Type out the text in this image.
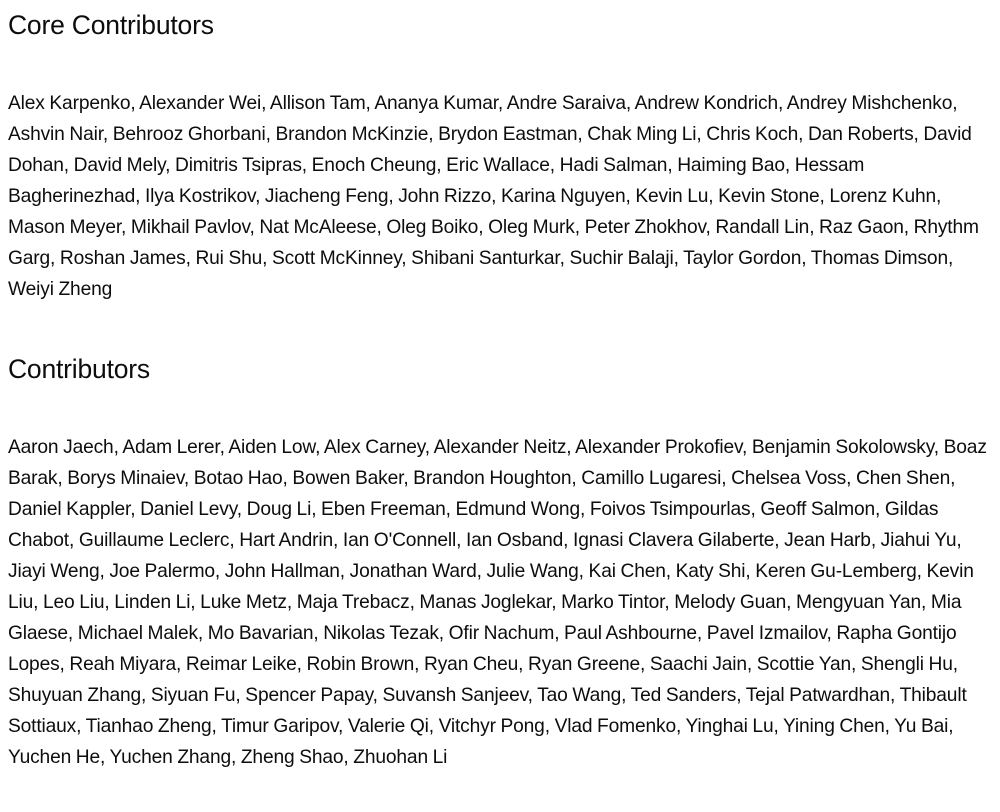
Core Contributors

Alex Karpenko, Alexander Wei, Allison Tam, Ananya Kumar, Andre Saraiva, Andrew Kondrich, Andrey Mishchenko, Ashvin Nair, Behrooz Ghorbani, Brandon McKinzie, Brydon Eastman, Chak Ming Li, Chris Koch, Dan Roberts, David Dohan, David Mely, Dimitris Tsipras, Enoch Cheung, Eric Wallace, Hadi Salman, Haiming Bao, Hessam Bagherinezhad, Ilya Kostrikov, Jiacheng Feng, John Rizzo, Karina Nguyen, Kevin Lu, Kevin Stone, Lorenz Kuhn, Mason Meyer, Mikhail Pavlov, Nat McAleese, Oleg Boiko, Oleg Murk, Peter Zhokhov, Randall Lin, Raz Gaon, Rhythm Garg, Roshan James, Rui Shu, Scott McKinney, Shibani Santurkar, Suchir Balaji, Taylor Gordon, Thomas Dimson, Weiyi Zheng

Contributors

Aaron Jaech, Adam Lerer, Aiden Low, Alex Carney, Alexander Neitz, Alexander Prokofiev, Benjamin Sokolowsky, Boaz Barak, Borys Minaiev, Botao Hao, Bowen Baker, Brandon Houghton, Camillo Lugaresi, Chelsea Voss, Chen Shen, Daniel Kappler, Daniel Levy, Doug Li, Eben Freeman, Edmund Wong, Foivos Tsimpourlas, Geoff Salmon, Gildas Chabot, Guillaume Leclerc, Hart Andrin, Ian O'Connell, Ian Osband, Ignasi Clavera Gilaberte, Jean Harb, Jiahui Yu, Jiayi Weng, Joe Palermo, John Hallman, Jonathan Ward, Julie Wang, Kai Chen, Katy Shi, Keren Gu-Lemberg, Kevin Liu, Leo Liu, Linden Li, Luke Metz, Maja Trebacz, Manas Joglekar, Marko Tintor, Melody Guan, Mengyuan Yan, Mia Glaese, Michael Malek, Mo Bavarian, Nikolas Tezak, Ofir Nachum, Paul Ashbourne, Pavel Izmailov, Rapha Gontijo Lopes, Reah Miyara, Reimar Leike, Robin Brown, Ryan Cheu, Ryan Greene, Saachi Jain, Scottie Yan, Shengli Hu, Shuyuan Zhang, Siyuan Fu, Spencer Papay, Suvansh Sanjeev, Tao Wang, Ted Sanders, Tejal Patwardhan, Thibault Sottiaux, Tianhao Zheng, Timur Garipov, Valerie Qi, Vitchyr Pong, Vlad Fomenko, Yinghai Lu, Yining Chen, Yu Bai, Yuchen He, Yuchen Zhang, Zheng Shao, Zhuohan Li
